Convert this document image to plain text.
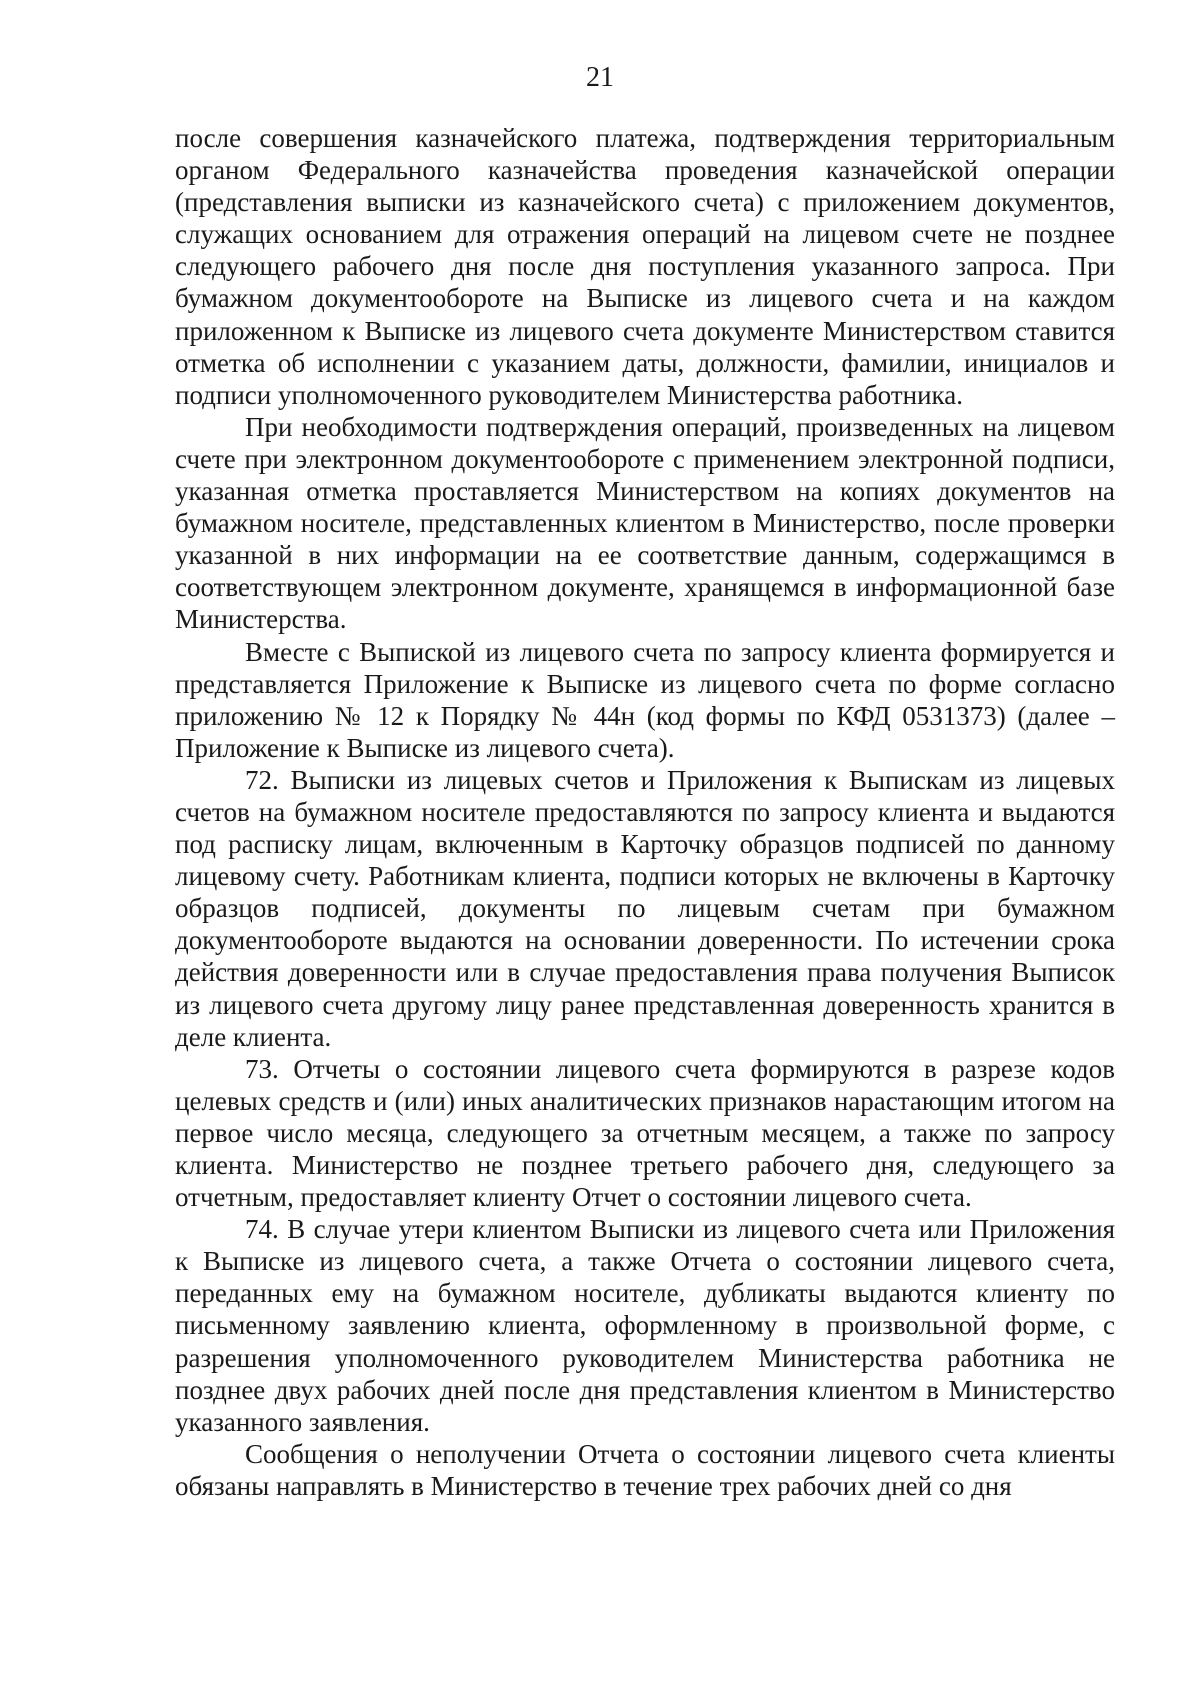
21

после совершения казначейского платежа, подтверждения территориальным органом Федерального казначейства проведения казначейской операции (представления выписки из казначейского счета) с приложением документов, служащих основанием для отражения операций на лицевом счете не позднее следующего рабочего дня после дня поступления указанного запроса. При бумажном документообороте на Выписке из лицевого счета и на каждом приложенном к Выписке из лицевого счета документе Министерством ставится отметка об исполнении с указанием даты, должности, фамилии, инициалов и подписи уполномоченного руководителем Министерства работника.

При необходимости подтверждения операций, произведенных на лицевом счете при электронном документообороте с применением электронной подписи, указанная отметка проставляется Министерством на копиях документов на бумажном носителе, представленных клиентом в Министерство, после проверки указанной в них информации на ее соответствие данным, содержащимся в соответствующем электронном документе, хранящемся в информационной базе Министерства.

Вместе с Выпиской из лицевого счета по запросу клиента формируется и представляется Приложение к Выписке из лицевого счета по форме согласно приложению № 12 к Порядку № 44н (код формы по КФД 0531373) (далее – Приложение к Выписке из лицевого счета).

72. Выписки из лицевых счетов и Приложения к Выпискам из лицевых счетов на бумажном носителе предоставляются по запросу клиента и выдаются под расписку лицам, включенным в Карточку образцов подписей по данному лицевому счету. Работникам клиента, подписи которых не включены в Карточку образцов подписей, документы по лицевым счетам при бумажном документообороте выдаются на основании доверенности. По истечении срока действия доверенности или в случае предоставления права получения Выписок из лицевого счета другому лицу ранее представленная доверенность хранится в деле клиента.

73. Отчеты о состоянии лицевого счета формируются в разрезе кодов целевых средств и (или) иных аналитических признаков нарастающим итогом на первое число месяца, следующего за отчетным месяцем, а также по запросу клиента. Министерство не позднее третьего рабочего дня, следующего за отчетным, предоставляет клиенту Отчет о состоянии лицевого счета.

74. В случае утери клиентом Выписки из лицевого счета или Приложения к Выписке из лицевого счета, а также Отчета о состоянии лицевого счета, переданных ему на бумажном носителе, дубликаты выдаются клиенту по письменному заявлению клиента, оформленному в произвольной форме, с разрешения уполномоченного руководителем Министерства работника не позднее двух рабочих дней после дня представления клиентом в Министерство указанного заявления.

Сообщения о неполучении Отчета о состоянии лицевого счета клиенты обязаны направлять в Министерство в течение трех рабочих дней со дня
